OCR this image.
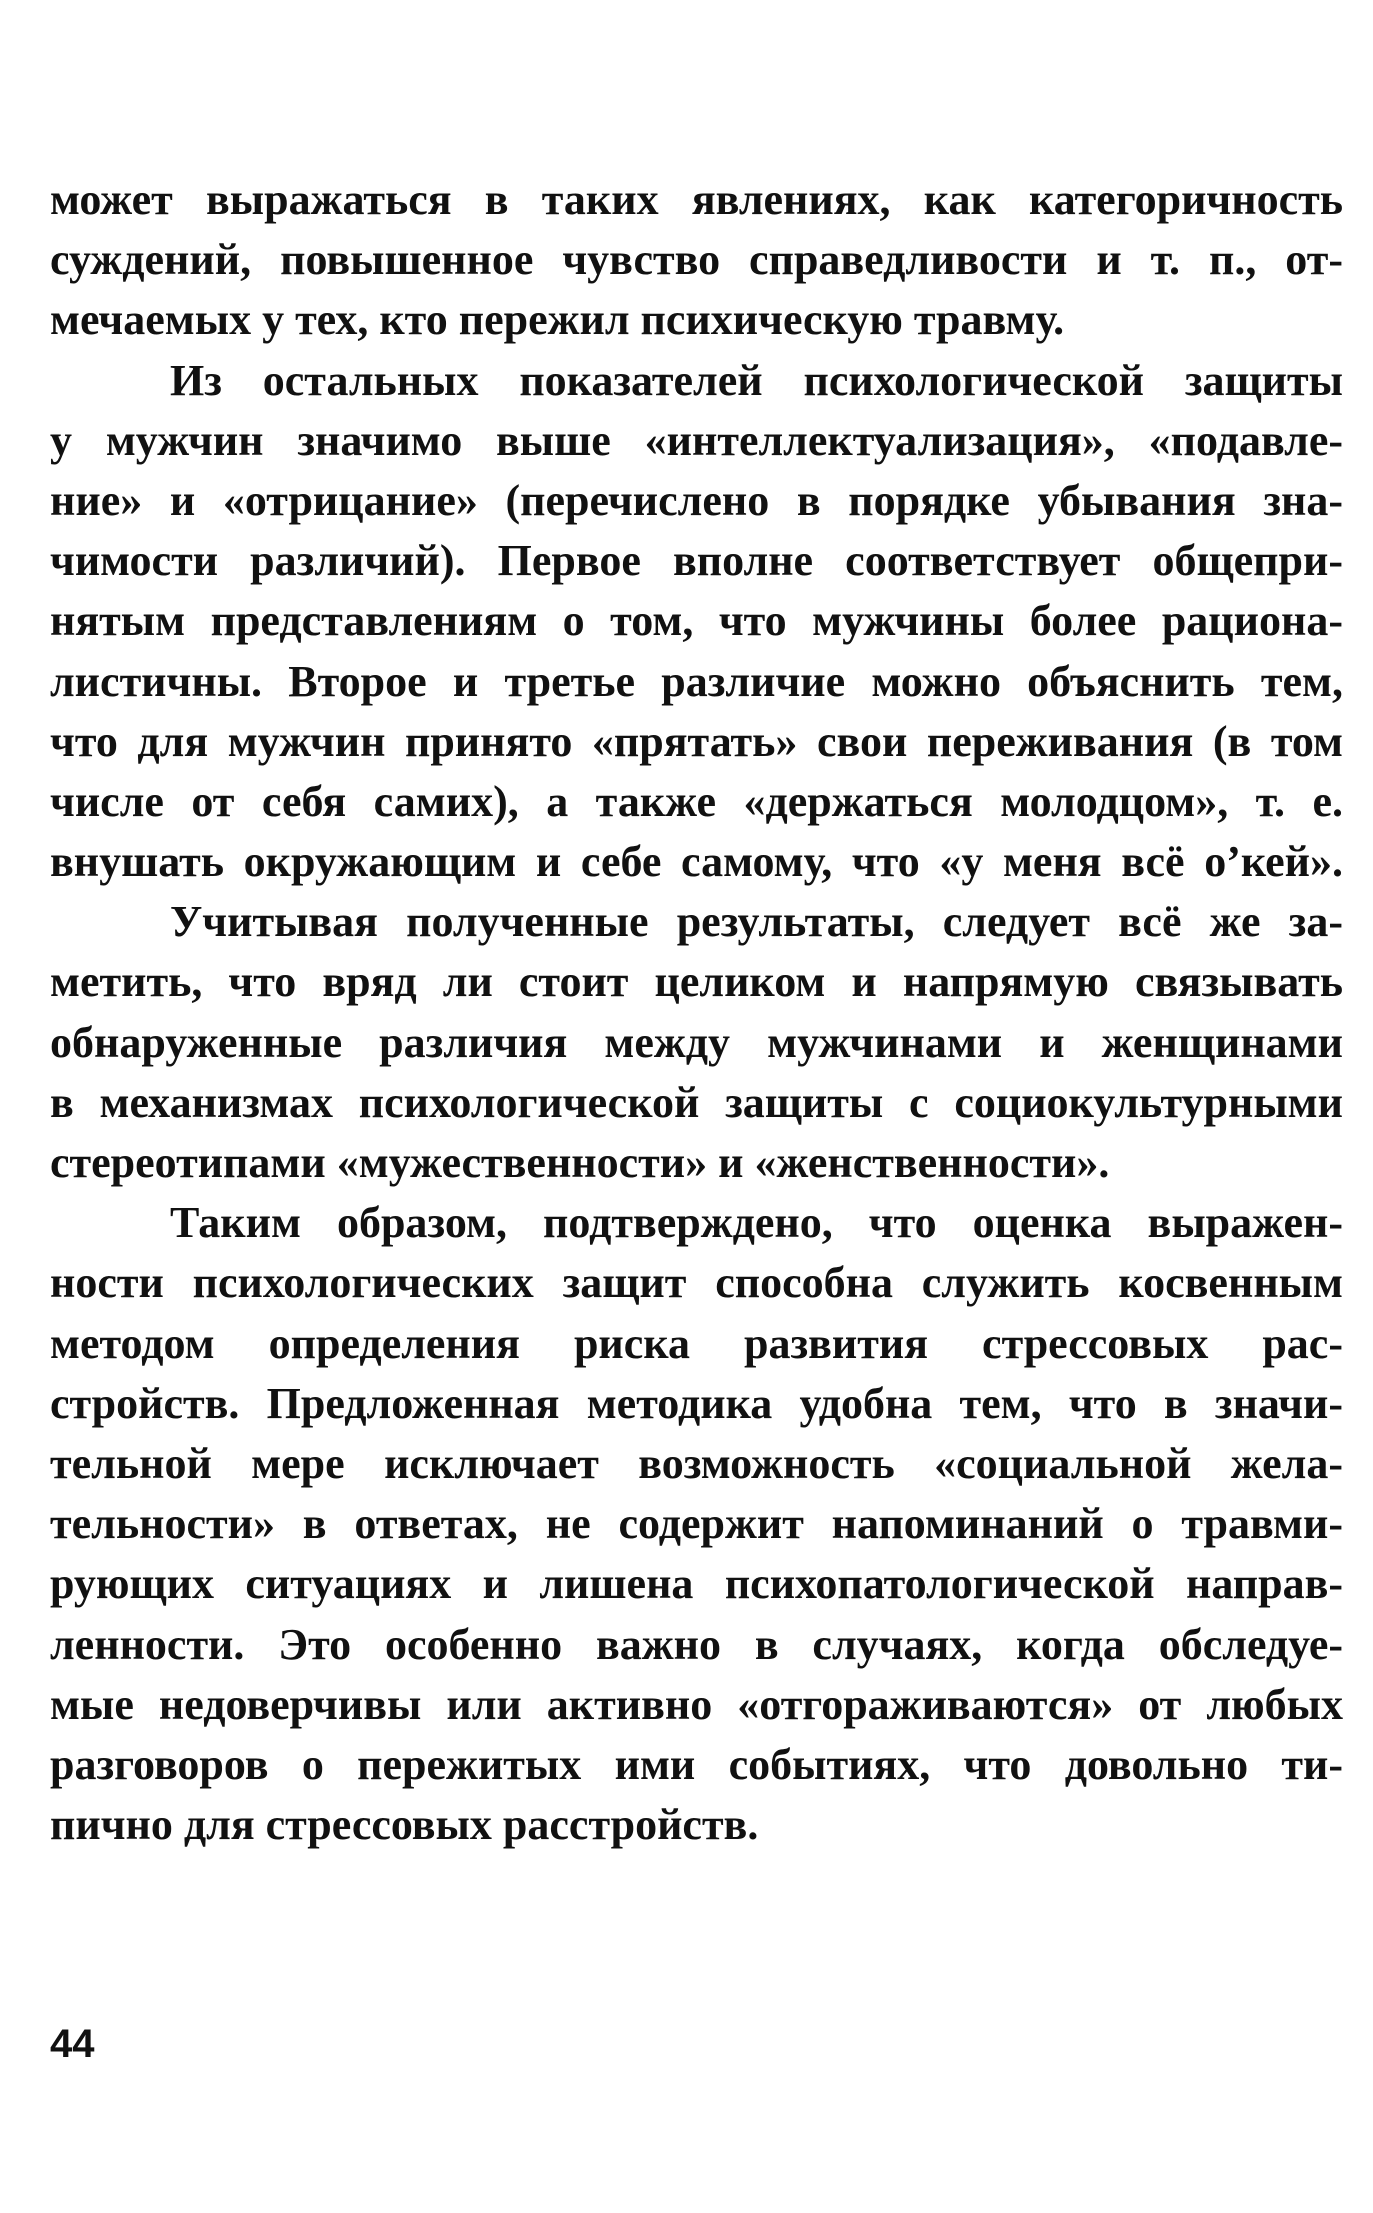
может выражаться в таких явлениях, как категоричность
суждений, повышенное чувство справедливости и т. п., от-
мечаемых у тех, кто пережил психическую травму.
Из остальных показателей психологической защиты
у мужчин значимо выше «интеллектуализация», «подавле-
ние» и «отрицание» (перечислено в порядке убывания зна-
чимости различий). Первое вполне соответствует общепри-
нятым представлениям о том, что мужчины более рациона-
листичны. Второе и третье различие можно объяснить тем,
что для мужчин принято «прятать» свои переживания (в том
числе от себя самих), а также «держаться молодцом», т. е.
внушать окружающим и себе самому, что «у меня всё о’кей».
Учитывая полученные результаты, следует всё же за-
метить, что вряд ли стоит целиком и напрямую связывать
обнаруженные различия между мужчинами и женщинами
в механизмах психологической защиты с социокультурными
стереотипами «мужественности» и «женственности».
Таким образом, подтверждено, что оценка выражен-
ности психологических защит способна служить косвенным
методом определения риска развития стрессовых рас-
стройств. Предложенная методика удобна тем, что в значи-
тельной мере исключает возможность «социальной жела-
тельности» в ответах, не содержит напоминаний о травми-
рующих ситуациях и лишена психопатологической направ-
ленности. Это особенно важно в случаях, когда обследуе-
мые недоверчивы или активно «отгораживаются» от любых
разговоров о пережитых ими событиях, что довольно ти-
пично для стрессовых расстройств.
44
